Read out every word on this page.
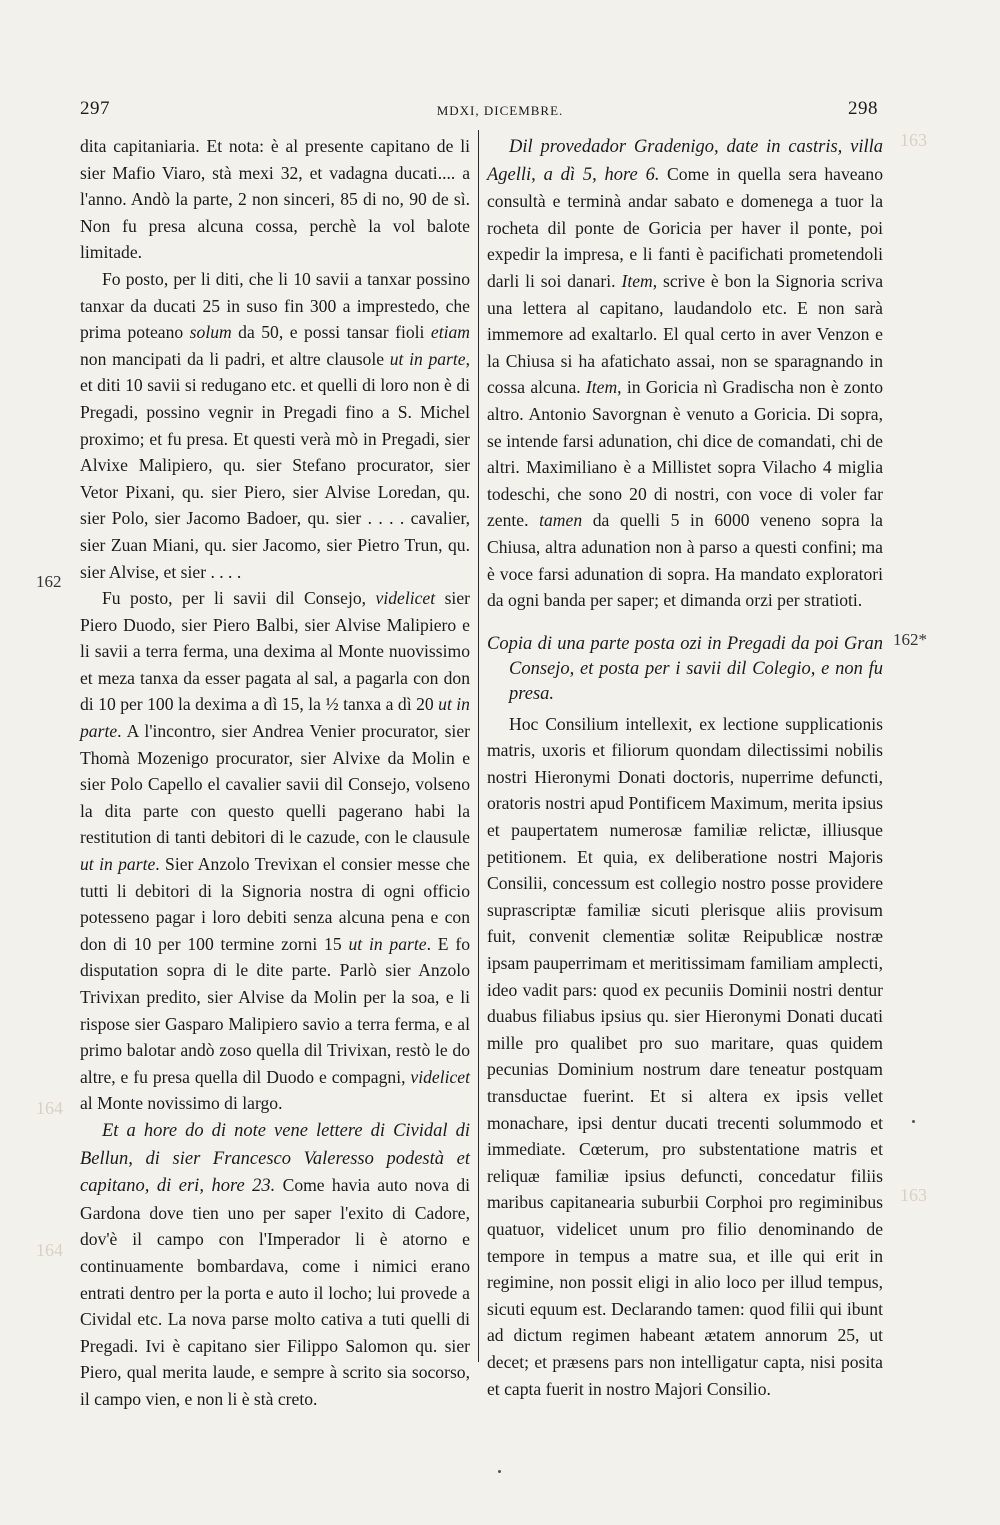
297	MDXI, DICEMBRE.	298
162
162*
163
164
164
163

dita capitaniaria. Et nota: è al presente capitano de li sier Mafio Viaro, stà mexi 32, et vadagna ducati.... a l'anno. Andò la parte, 2 non sinceri, 85 di no, 90 de sì. Non fu presa alcuna cossa, perchè la vol balote limitade.

Fo posto, per li diti, che li 10 savii a tanxar possino tanxar da ducati 25 in suso fin 300 a imprestedo, che prima poteano solum da 50, e possi tansar fioli etiam non mancipati da li padri, et altre clausole ut in parte, et diti 10 savii si redugano etc. et quelli di loro non è di Pregadi, possino vegnir in Pregadi fino a S. Michel proximo; et fu presa. Et questi verà mò in Pregadi, sier Alvixe Malipiero, qu. sier Stefano procurator, sier Vetor Pixani, qu. sier Piero, sier Alvise Loredan, qu. sier Polo, sier Jacomo Badoer, qu. sier . . . . cavalier, sier Zuan Miani, qu. sier Jacomo, sier Pietro Trun, qu. sier Alvise, et sier . . . .

Fu posto, per li savii dil Consejo, videlicet sier Piero Duodo, sier Piero Balbi, sier Alvise Malipiero e li savii a terra ferma, una dexima al Monte nuovissimo et meza tanxa da esser pagata al sal, a pagarla con don di 10 per 100 la dexima a dì 15, la ½ tanxa a dì 20 ut in parte. A l'incontro, sier Andrea Venier procurator, sier Thomà Mozenigo procurator, sier Alvixe da Molin e sier Polo Capello el cavalier savii dil Consejo, volseno la dita parte con questo quelli pagerano habi la restitution di tanti debitori di le cazude, con le clausule ut in parte. Sier Anzolo Trevixan el consier messe che tutti li debitori di la Signoria nostra di ogni officio potesseno pagar i loro debiti senza alcuna pena e con don di 10 per 100 termine zorni 15 ut in parte. E fo disputation sopra di le dite parte. Parlò sier Anzolo Trivixan predito, sier Alvise da Molin per la soa, e li rispose sier Gasparo Malipiero savio a terra ferma, e al primo balotar andò zoso quella dil Trivixan, restò le do altre, e fu presa quella dil Duodo e compagni, videlicet al Monte novissimo di largo.

Et a hore do di note vene lettere di Cividal di Bellun, di sier Francesco Valeresso podestà et capitano, di eri, hore 23. Come havia auto nova di Gardona dove tien uno per saper l'exito di Cadore, dov'è il campo con l'Imperador li è atorno e continuamente bombardava, come i nimici erano entrati dentro per la porta e auto il locho; lui provede a Cividal etc. La nova parse molto cativa a tuti quelli di Pregadi. Ivi è capitano sier Filippo Salomon qu. sier Piero, qual merita laude, e sempre à scrito sia socorso, il campo vien, e non li è stà creto.

Dil provedador Gradenigo, date in castris, villa Agelli, a dì 5, hore 6. Come in quella sera haveano consultà e terminà andar sabato e domenega a tuor la rocheta dil ponte de Goricia per haver il ponte, poi expedir la impresa, e li fanti è pacifichati prometendoli darli li soi danari. Item, scrive è bon la Signoria scriva una lettera al capitano, laudandolo etc. E non sarà immemore ad exaltarlo. El qual certo in aver Venzon e la Chiusa si ha afatichato assai, non se sparagnando in cossa alcuna. Item, in Goricia nì Gradischa non è zonto altro. Antonio Savorgnan è venuto a Goricia. Di sopra, se intende farsi adunation, chi dice de comandati, chi de altri. Maximiliano è a Millistet sopra Vilacho 4 miglia todeschi, che sono 20 di nostri, con voce di voler far zente. tamen da quelli 5 in 6000 veneno sopra la Chiusa, altra adunation non à parso a questi confini; ma è voce farsi adunation di sopra. Ha mandato exploratori da ogni banda per saper; et dimanda orzi per stratioti.

Copia di una parte posta ozi in Pregadi da poi Gran Consejo, et posta per i savii dil Colegio, e non fu presa.

Hoc Consilium intellexit, ex lectione supplicationis matris, uxoris et filiorum quondam dilectissimi nobilis nostri Hieronymi Donati doctoris, nuperrime defuncti, oratoris nostri apud Pontificem Maximum, merita ipsius et paupertatem numerosæ familiæ relictæ, illiusque petitionem. Et quia, ex deliberatione nostri Majoris Consilii, concessum est collegio nostro posse providere suprascriptæ familiæ sicuti plerisque aliis provisum fuit, convenit clementiæ solitæ Reipublicæ nostræ ipsam pauperrimam et meritissimam familiam amplecti, ideo vadit pars: quod ex pecuniis Dominii nostri dentur duabus filiabus ipsius qu. sier Hieronymi Donati ducati mille pro qualibet pro suo maritare, quas quidem pecunias Dominium nostrum dare teneatur postquam transductae fuerint. Et si altera ex ipsis vellet monachare, ipsi dentur ducati trecenti solummodo et immediate. Cœterum, pro substentatione matris et reliquæ familiæ ipsius defuncti, concedatur filiis maribus capitanearia suburbii Corphoi pro regiminibus quatuor, videlicet unum pro filio denominando de tempore in tempus a matre sua, et ille qui erit in regimine, non possit eligi in alio loco per illud tempus, sicuti equum est. Declarando tamen: quod filii qui ibunt ad dictum regimen habeant ætatem annorum 25, ut decet; et præsens pars non intelligatur capta, nisi posita et capta fuerit in nostro Majori Consilio.
